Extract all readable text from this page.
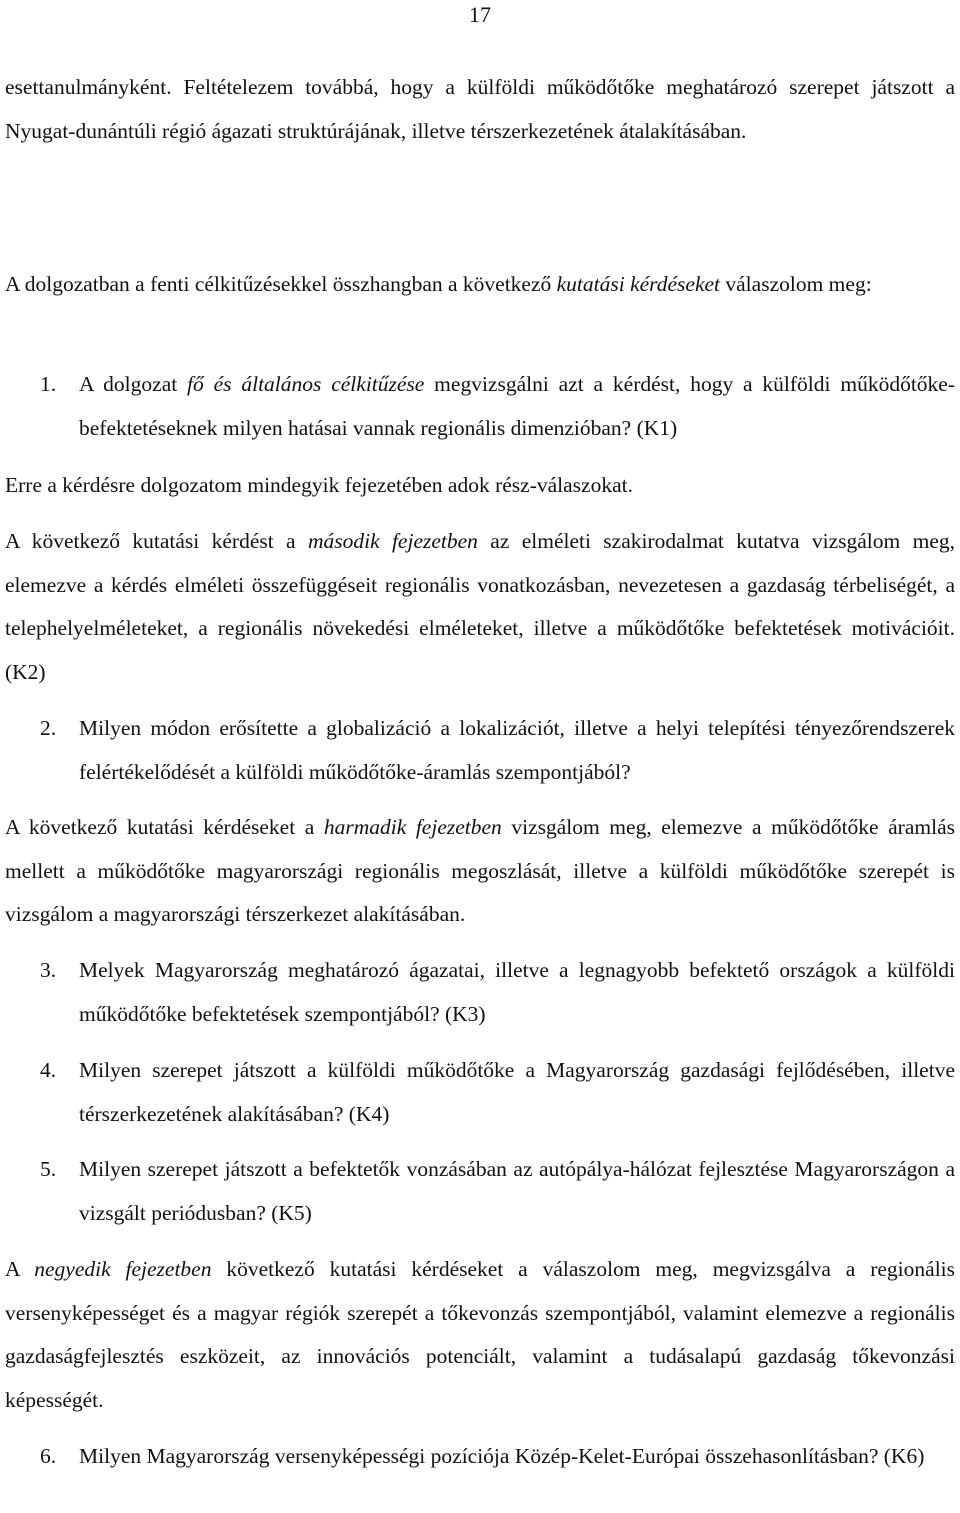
17
esettanulmányként. Feltételezem továbbá, hogy a külföldi működőtőke meghatározó szerepet játszott a Nyugat-dunántúli régió ágazati struktúrájának, illetve térszerkezetének átalakításában.
A dolgozatban a fenti célkitűzésekkel összhangban a következő kutatási kérdéseket válaszolom meg:
1. A dolgozat fő és általános célkitűzése megvizsgálni azt a kérdést, hogy a külföldi működőtőke-befektetéseknek milyen hatásai vannak regionális dimenzióban? (K1)
Erre a kérdésre dolgozatom mindegyik fejezetében adok rész-válaszokat.
A következő kutatási kérdést a második fejezetben az elméleti szakirodalmat kutatva vizsgálom meg, elemezve a kérdés elméleti összefüggéseit regionális vonatkozásban, nevezetesen a gazdaság térbeliségét, a telephelyelméleteket, a regionális növekedési elméleteket, illetve a működőtőke befektetések motivációit. (K2)
2. Milyen módon erősítette a globalizáció a lokalizációt, illetve a helyi telepítési tényezőrendszerek felértékelődését a külföldi működőtőke-áramlás szempontjából?
A következő kutatási kérdéseket a harmadik fejezetben vizsgálom meg, elemezve a működőtőke áramlás mellett a működőtőke magyarországi regionális megoszlását, illetve a külföldi működőtőke szerepét is vizsgálom a magyarországi térszerkezet alakításában.
3. Melyek Magyarország meghatározó ágazatai, illetve a legnagyobb befektető országok a külföldi működőtőke befektetések szempontjából? (K3)
4. Milyen szerepet játszott a külföldi működőtőke a Magyarország gazdasági fejlődésében, illetve térszerkezetének alakításában? (K4)
5. Milyen szerepet játszott a befektetők vonzásában az autópálya-hálózat fejlesztése Magyarországon a vizsgált periódusban? (K5)
A negyedik fejezetben következő kutatási kérdéseket a válaszolom meg, megvizsgálva a regionális versenyképességet és a magyar régiók szerepét a tőkevonzás szempontjából, valamint elemezve a regionális gazdaságfejlesztés eszközeit, az innovációs potenciált, valamint a tudásalapú gazdaság tőkevonzási képességét.
6. Milyen Magyarország versenyképességi pozíciója Közép-Kelet-Európai összehasonlításban? (K6)
